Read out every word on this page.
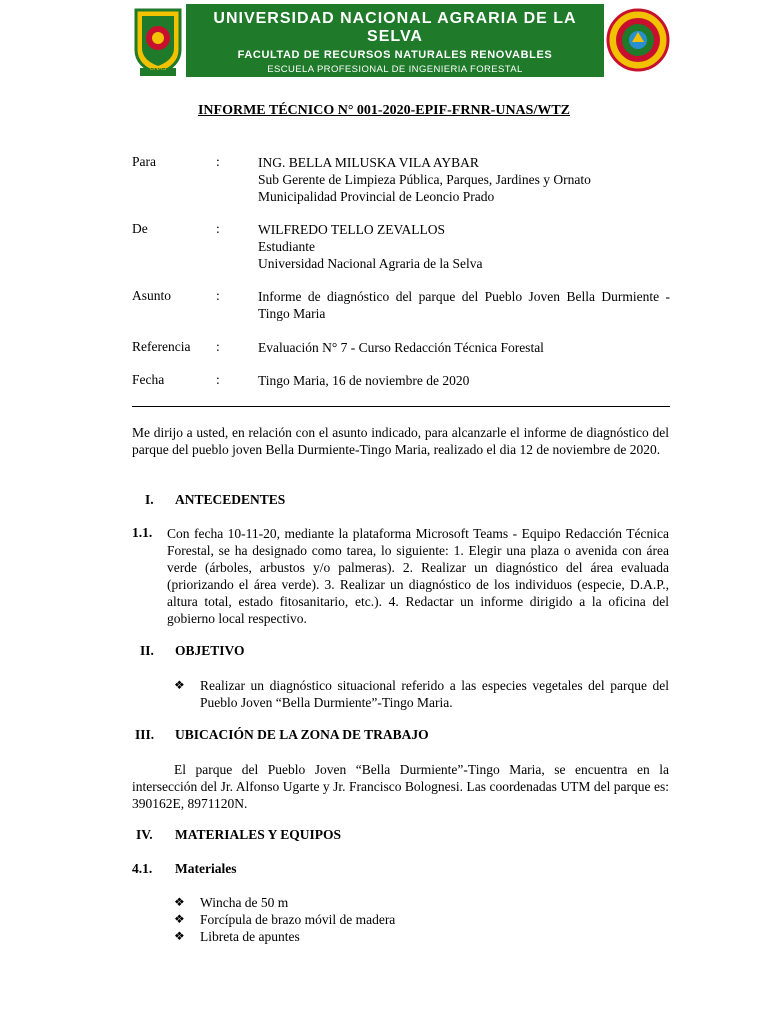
UNAS
UNIVERSIDAD NACIONAL AGRARIA DE LA SELVA
FACULTAD DE RECURSOS NATURALES RENOVABLES
ESCUELA PROFESIONAL DE INGENIERIA FORESTAL
Carretera Central Km. 1.21 Tingo Maria-Perú
INFORME TÉCNICO N° 001-2020-EPIF-FRNR-UNAS/WTZ
Para	:	ING. BELLA MILUSKA VILA AYBAR
Sub Gerente de Limpieza Pública, Parques, Jardines y Ornato
Municipalidad Provincial de Leoncio Prado
De	:	WILFREDO TELLO ZEVALLOS
Estudiante
Universidad Nacional Agraria de la Selva
Asunto	:	Informe de diagnóstico del parque del Pueblo Joven Bella Durmiente - Tingo Maria
Referencia :	Evaluación N° 7 - Curso Redacción Técnica Forestal
Fecha	:	Tingo Maria, 16 de noviembre de 2020
Me dirijo a usted, en relación con el asunto indicado, para alcanzarle el informe de diagnóstico del parque del pueblo joven Bella Durmiente-Tingo Maria, realizado el dia 12 de noviembre de 2020.
I. ANTECEDENTES
1.1. Con fecha 10-11-20, mediante la plataforma Microsoft Teams - Equipo Redacción Técnica Forestal, se ha designado como tarea, lo siguiente: 1. Elegir una plaza o avenida con área verde (árboles, arbustos y/o palmeras). 2. Realizar un diagnóstico del área evaluada (priorizando el área verde). 3. Realizar un diagnóstico de los individuos (especie, D.A.P., altura total, estado fitosanitario, etc.). 4. Redactar un informe dirigido a la oficina del gobierno local respectivo.
II. OBJETIVO
❖ Realizar un diagnóstico situacional referido a las especies vegetales del parque del Pueblo Joven “Bella Durmiente”-Tingo Maria.
III. UBICACIÓN DE LA ZONA DE TRABAJO
El parque del Pueblo Joven “Bella Durmiente”-Tingo Maria, se encuentra en la intersección del Jr. Alfonso Ugarte y Jr. Francisco Bolognesi. Las coordenadas UTM del parque es: 390162E, 8971120N.
IV. MATERIALES Y EQUIPOS
4.1. Materiales
❖ Wincha de 50 m
❖ Forcípula de brazo móvil de madera
❖ Libreta de apuntes
